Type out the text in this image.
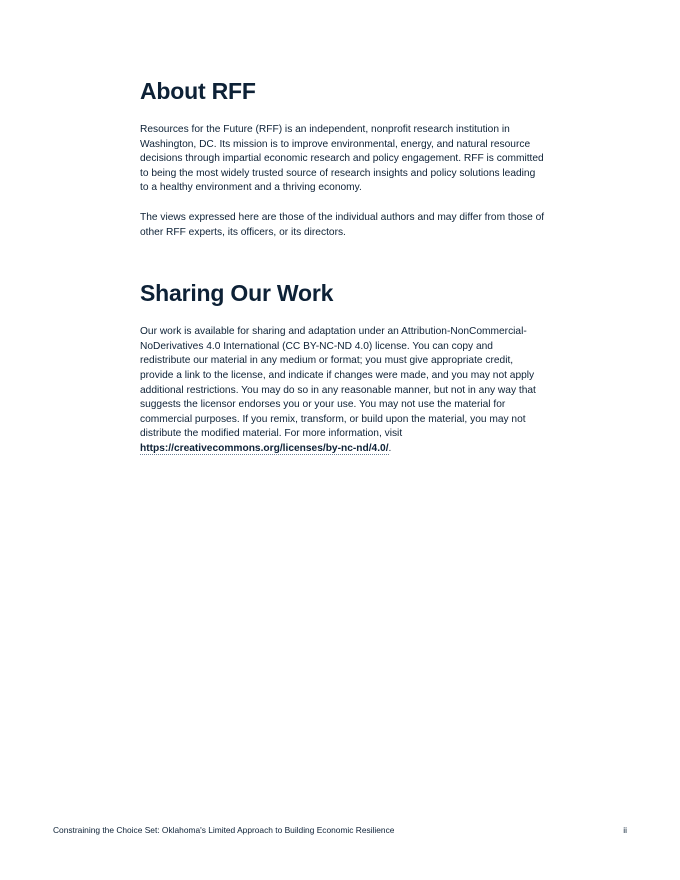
About RFF

Resources for the Future (RFF) is an independent, nonprofit research institution in Washington, DC. Its mission is to improve environmental, energy, and natural resource decisions through impartial economic research and policy engagement. RFF is committed to being the most widely trusted source of research insights and policy solutions leading to a healthy environment and a thriving economy.

The views expressed here are those of the individual authors and may differ from those of other RFF experts, its officers, or its directors.

Sharing Our Work

Our work is available for sharing and adaptation under an Attribution-NonCommercial-NoDerivatives 4.0 International (CC BY-NC-ND 4.0) license. You can copy and redistribute our material in any medium or format; you must give appropriate credit, provide a link to the license, and indicate if changes were made, and you may not apply additional restrictions. You may do so in any reasonable manner, but not in any way that suggests the licensor endorses you or your use. You may not use the material for commercial purposes. If you remix, transform, or build upon the material, you may not distribute the modified material. For more information, visit https://creativecommons.org/licenses/by-nc-nd/4.0/.

Constraining the Choice Set: Oklahoma's Limited Approach to Building Economic Resilience	ii
